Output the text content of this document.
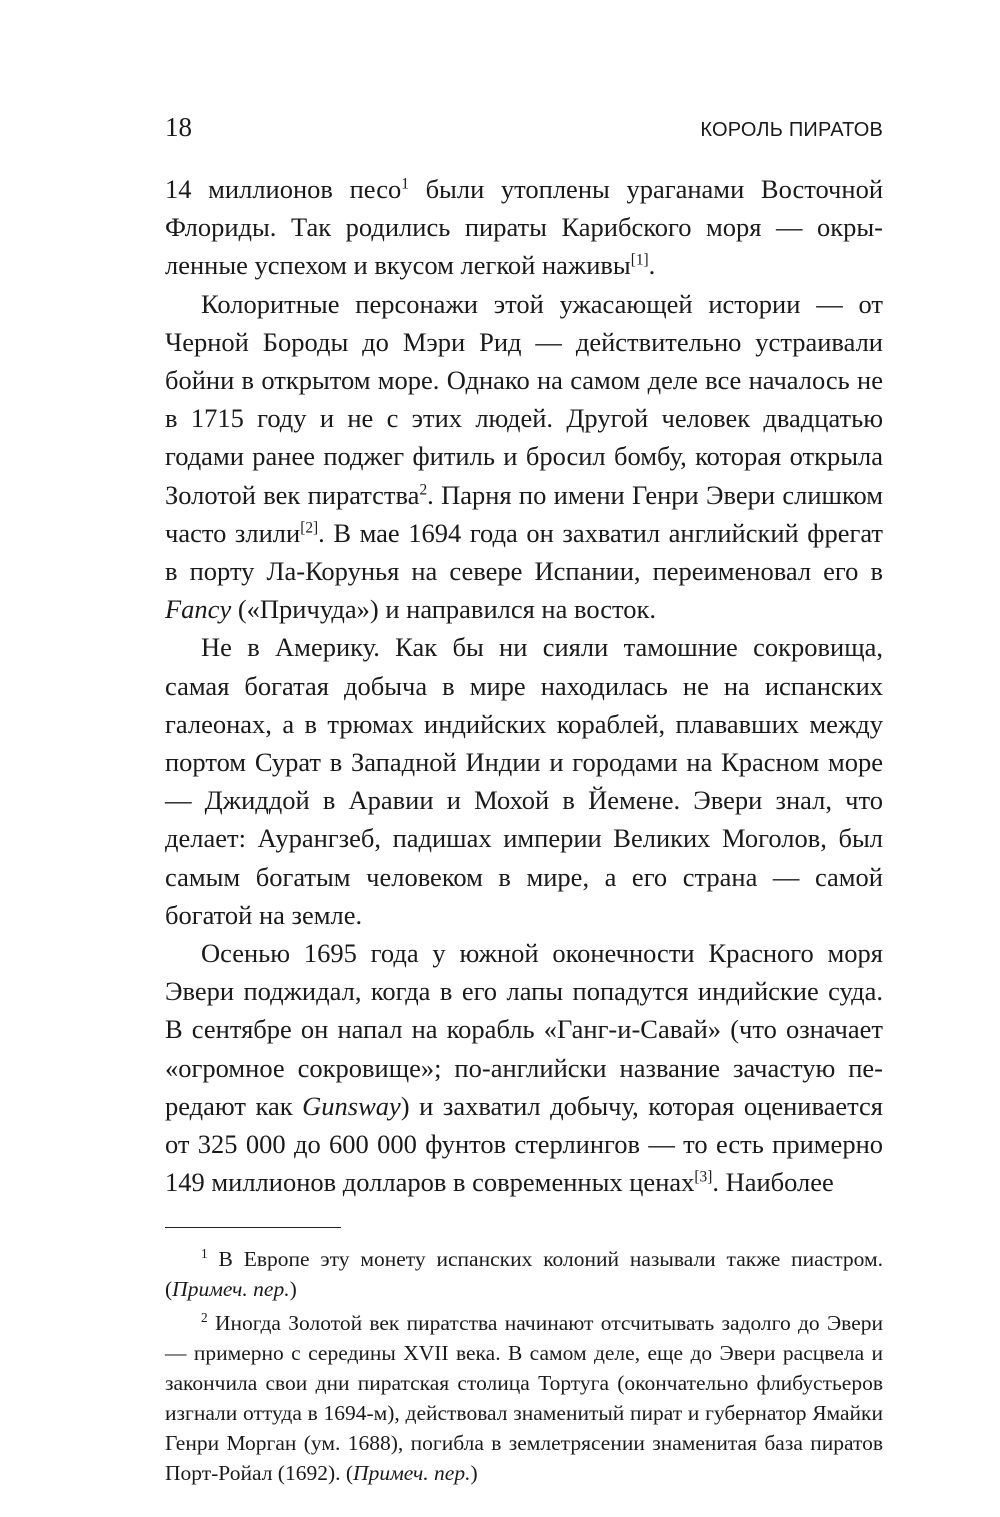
18	КОРОЛЬ ПИРАТОВ

14 миллионов песо$^1$ были утоплены ураганами Восточной Флориды. Так родились пираты Карибского моря — окрыленные успехом и вкусом легкой наживы[1].

Колоритные персонажи этой ужасающей истории — от Черной Бороды до Мэри Рид — действительно устраивали бойни в открытом море. Однако на самом деле все началось не в 1715 году и не с этих людей. Другой человек двадцатью годами ранее поджег фитиль и бросил бомбу, которая открыла Золотой век пиратства$^2$. Парня по имени Генри Эвери слишком часто злили[2]. В мае 1694 года он захватил английский фрегат в порту Ла-Корунья на севере Испании, переименовал его в Fancy («Причуда») и направился на восток.

Не в Америку. Как бы ни сияли тамошние сокровища, самая богатая добыча в мире находилась не на испанских галеонах, а в трюмах индийских кораблей, плававших между портом Сурат в Западной Индии и городами на Красном море — Джиддой в Аравии и Мохой в Йемене. Эвери знал, что делает: Аурангзеб, падишах империи Великих Моголов, был самым богатым человеком в мире, а его страна — самой богатой на земле.

Осенью 1695 года у южной оконечности Красного моря Эвери поджидал, когда в его лапы попадутся индийские суда. В сентябре он напал на корабль «Ганг-и-Савай» (что означает «огромное сокровище»; по-английски название зачастую передают как Gunsway) и захватил добычу, которая оценивается от 325 000 до 600 000 фунтов стерлингов — то есть примерно 149 миллионов долларов в современных ценах[3]. Наиболее

$^1$ В Европе эту монету испанских колоний называли также пиастром. (Примеч. пер.)

$^2$ Иногда Золотой век пиратства начинают отсчитывать задолго до Эвери — примерно с середины XVII века. В самом деле, еще до Эвери расцвела и закончила свои дни пиратская столица Тортуга (окончательно флибустьеров изгнали оттуда в 1694-м), действовал знаменитый пират и губернатор Ямайки Генри Морган (ум. 1688), погибла в землетрясении знаменитая база пиратов Порт-Ройал (1692). (Примеч. пер.)
